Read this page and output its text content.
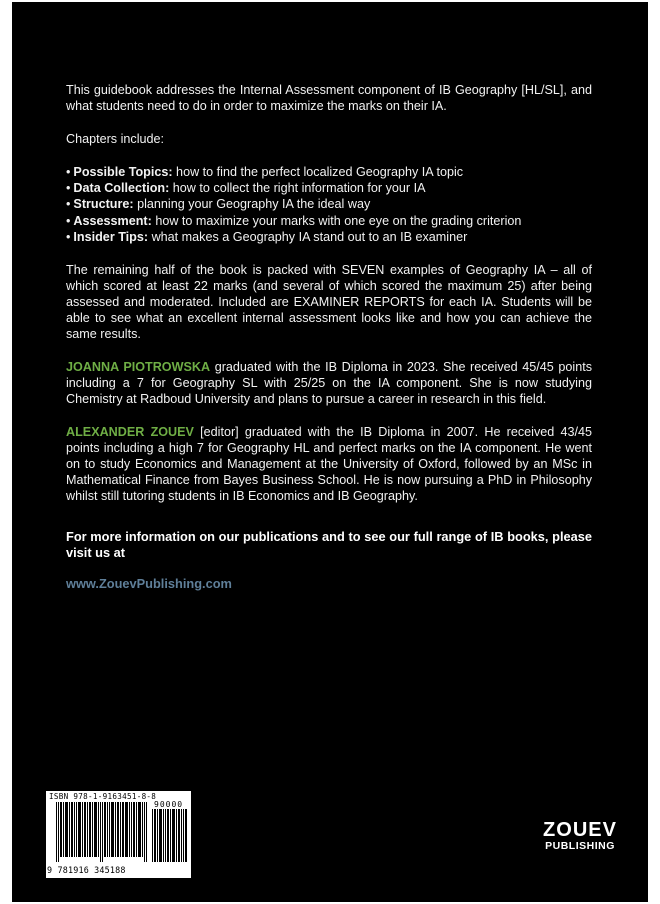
This guidebook addresses the Internal Assessment component of IB Geography [HL/SL], and what students need to do in order to maximize the marks on their IA.

Chapters include:

• Possible Topics: how to find the perfect localized Geography IA topic
• Data Collection: how to collect the right information for your IA
• Structure: planning your Geography IA the ideal way
• Assessment: how to maximize your marks with one eye on the grading criterion
• Insider Tips: what makes a Geography IA stand out to an IB examiner

The remaining half of the book is packed with SEVEN examples of Geography IA – all of which scored at least 22 marks (and several of which scored the maximum 25) after being assessed and moderated. Included are EXAMINER REPORTS for each IA. Students will be able to see what an excellent internal assessment looks like and how you can achieve the same results.

JOANNA PIOTROWSKA graduated with the IB Diploma in 2023. She received 45/45 points including a 7 for Geography SL with 25/25 on the IA component. She is now studying Chemistry at Radboud University and plans to pursue a career in research in this field.

ALEXANDER ZOUEV [editor] graduated with the IB Diploma in 2007. He received 43/45 points including a high 7 for Geography HL and perfect marks on the IA component. He went on to study Economics and Management at the University of Oxford, followed by an MSc in Mathematical Finance from Bayes Business School. He is now pursuing a PhD in Philosophy whilst still tutoring students in IB Economics and IB Geography.

For more information on our publications and to see our full range of IB books, please visit us at
www.ZouevPublishing.com
ISBN 978-1-9163451-8-8
90000
9 781916 345188
ZOUEV
PUBLISHING
